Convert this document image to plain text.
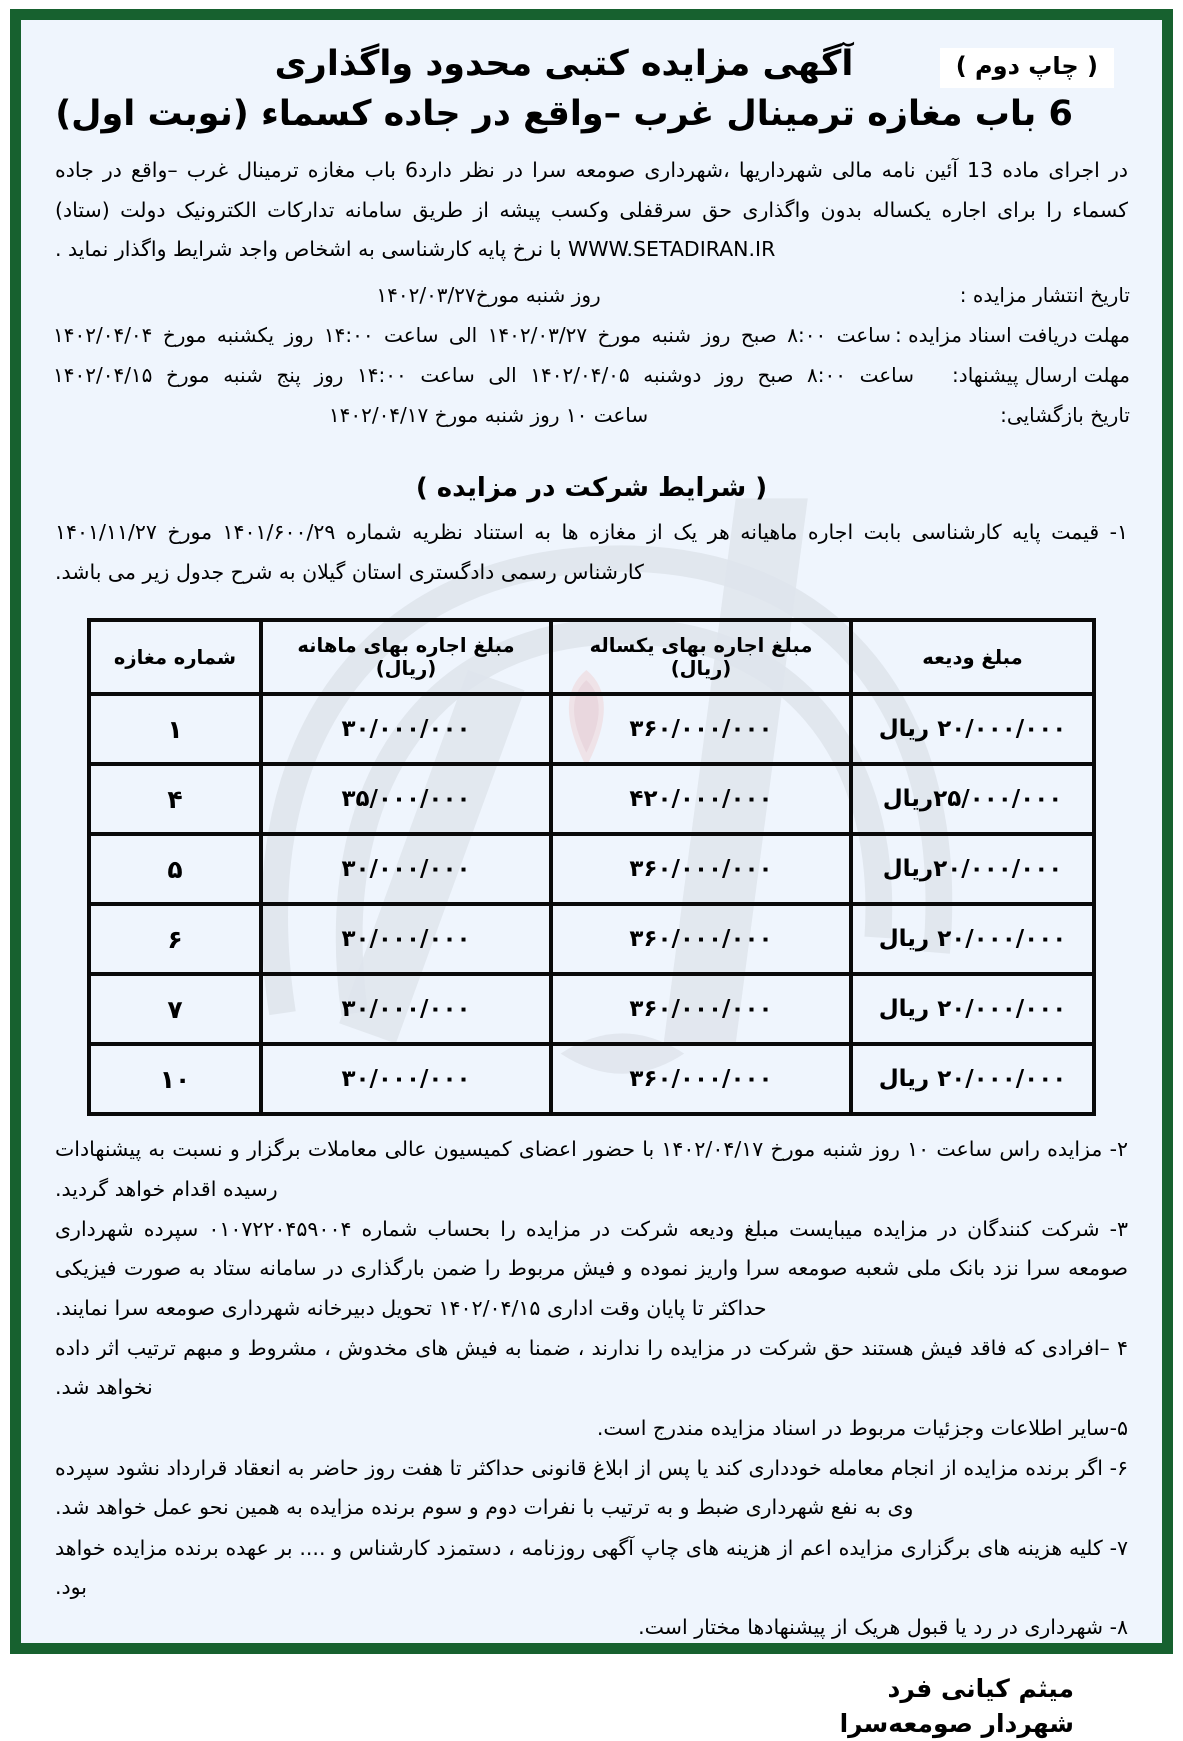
( چاپ دوم )
آگهی مزایده کتبی محدود واگذاری
6 باب مغازه ترمینال غرب –واقع در جاده کسماء (نوبت اول)

در اجرای ماده 13 آئین نامه مالی شهرداریها ،شهرداری صومعه سرا در نظر دارد6 باب مغازه ترمینال غرب –واقع در جاده کسماء را برای اجاره یکساله بدون واگذاری حق سرقفلی وکسب پیشه از طریق سامانه تدارکات الکترونیک دولت (ستاد) WWW.SETADIRAN.IR با نرخ پایه کارشناسی به اشخاص واجد شرایط واگذار نماید .

تاریخ انتشار مزایده :
روز شنبه مورخ۱۴۰۲/۰۳/۲۷
مهلت دریافت اسناد مزایده :
ساعت ۸:۰۰ صبح روز شنبه مورخ ۱۴۰۲/۰۳/۲۷ الی ساعت ۱۴:۰۰ روز یکشنبه مورخ ۱۴۰۲/۰۴/۰۴
مهلت ارسال پیشنهاد:
ساعت ۸:۰۰ صبح روز دوشنبه ۱۴۰۲/۰۴/۰۵ الی ساعت ۱۴:۰۰ روز پنج شنبه مورخ ۱۴۰۲/۰۴/۱۵
تاریخ بازگشایی:
ساعت ۱۰ روز شنبه مورخ ۱۴۰۲/۰۴/۱۷
( شرایط شرکت در مزایده )

۱- قیمت پایه کارشناسی بابت اجاره ماهیانه هر یک از مغازه ها به استناد نظریه شماره ۱۴۰۱/۶۰۰/۲۹ مورخ ۱۴۰۱/۱۱/۲۷ کارشناس رسمی دادگستری استان گیلان به شرح جدول زیر می باشد.

مبلغ ودیعه	مبلغ اجاره بهای یکساله (ریال)	مبلغ اجاره بهای ماهانه (ریال)	شماره مغازه
۲۰/۰۰۰/۰۰۰ ریال	۳۶۰/۰۰۰/۰۰۰	۳۰/۰۰۰/۰۰۰	۱
۲۵/۰۰۰/۰۰۰ریال	۴۲۰/۰۰۰/۰۰۰	۳۵/۰۰۰/۰۰۰	۴
۲۰/۰۰۰/۰۰۰ریال	۳۶۰/۰۰۰/۰۰۰	۳۰/۰۰۰/۰۰۰	۵
۲۰/۰۰۰/۰۰۰ ریال	۳۶۰/۰۰۰/۰۰۰	۳۰/۰۰۰/۰۰۰	۶
۲۰/۰۰۰/۰۰۰ ریال	۳۶۰/۰۰۰/۰۰۰	۳۰/۰۰۰/۰۰۰	۷
۲۰/۰۰۰/۰۰۰ ریال	۳۶۰/۰۰۰/۰۰۰	۳۰/۰۰۰/۰۰۰	۱۰

۲- مزایده راس ساعت ۱۰ روز شنبه مورخ ۱۴۰۲/۰۴/۱۷ با حضور اعضای کمیسیون عالی معاملات برگزار و نسبت به پیشنهادات رسیده اقدام خواهد گردید.

۳- شرکت کنندگان در مزایده میبایست مبلغ ودیعه شرکت در مزایده را بحساب شماره ۰۱۰۷۲۲۰۴۵۹۰۰۴ سپرده شهرداری صومعه سرا نزد بانک ملی شعبه صومعه سرا واریز نموده و فیش مربوط را ضمن بارگذاری در سامانه ستاد به صورت فیزیکی حداکثر تا پایان وقت اداری ۱۴۰۲/۰۴/۱۵ تحویل دبیرخانه شهرداری صومعه سرا نمایند.

۴ –افرادی که فاقد فیش هستند حق شرکت در مزایده را ندارند ، ضمنا به فیش های مخدوش ، مشروط و مبهم ترتیب اثر داده نخواهد شد.

۵-سایر اطلاعات وجزئیات مربوط در اسناد مزایده مندرج است.

۶- اگر برنده مزایده از انجام معامله خودداری کند یا پس از ابلاغ قانونی حداکثر تا هفت روز حاضر به انعقاد قرارداد نشود سپرده وی به نفع شهرداری ضبط و به ترتیب با نفرات دوم و سوم برنده مزایده به همین نحو عمل خواهد شد.

۷- کلیه هزینه های برگزاری مزایده اعم از هزینه های چاپ آگهی روزنامه ، دستمزد کارشناس و .... بر عهده برنده مزایده خواهد بود.

۸- شهرداری در رد یا قبول هریک از پیشنهادها مختار است.

میثم کیانی فرد
شهردار صومعه‌سرا
